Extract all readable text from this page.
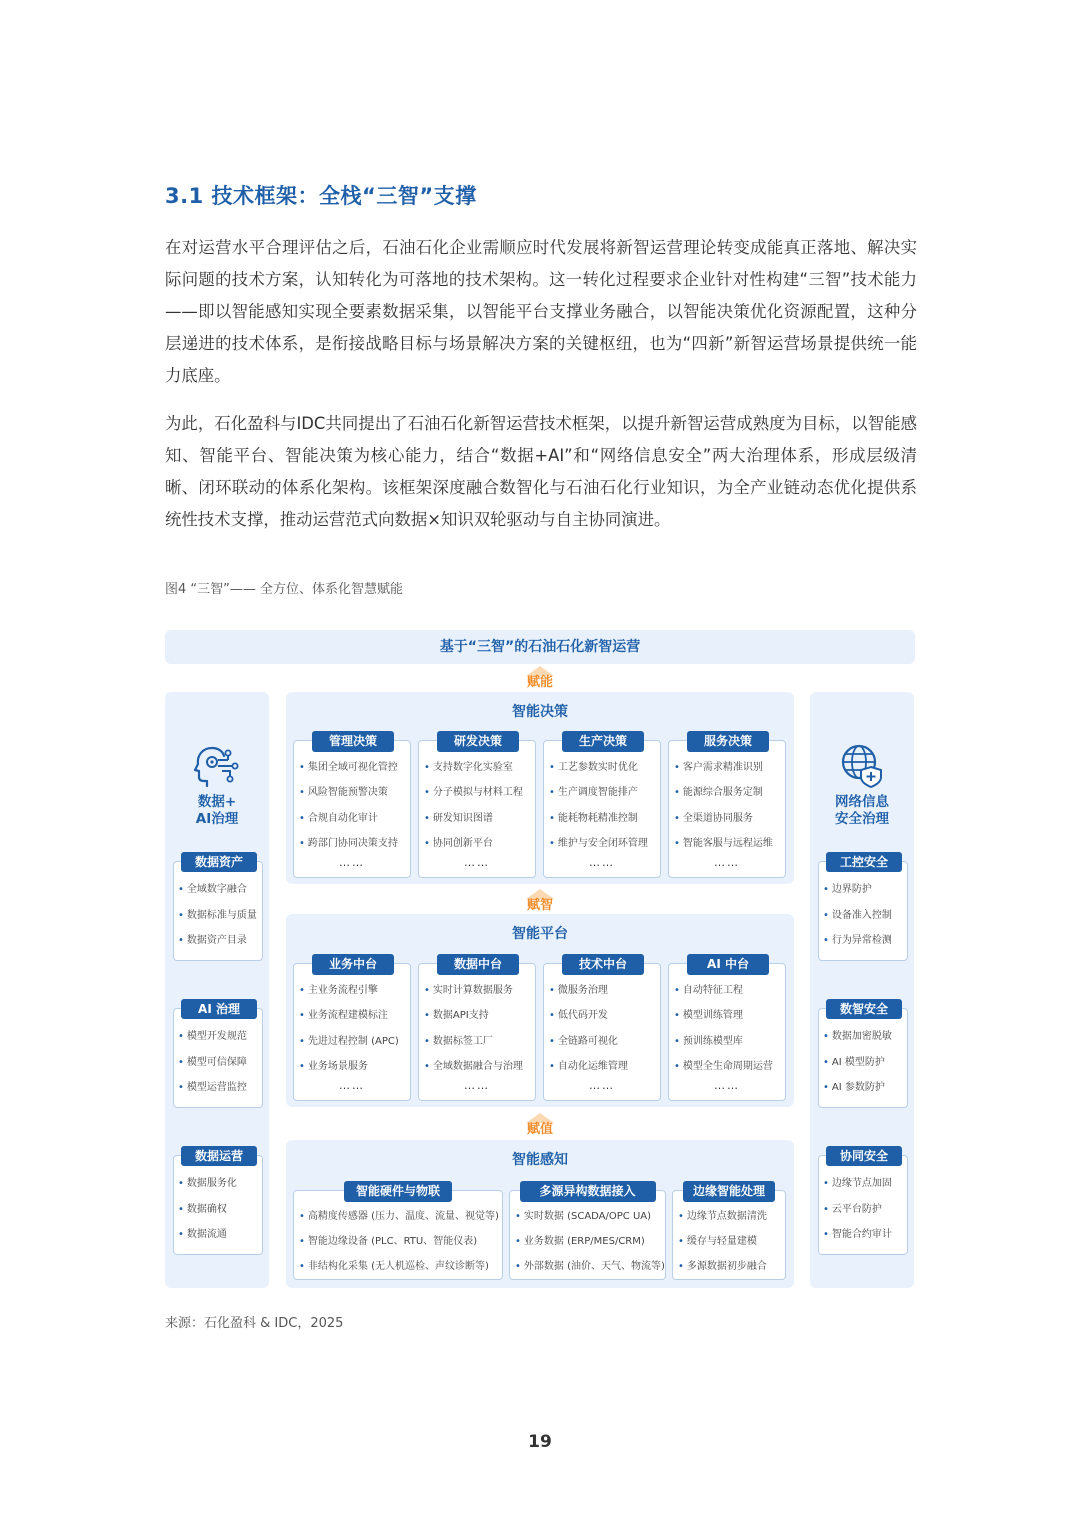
3.1 技术框架：全栈“三智”支撑

在对运营水平合理评估之后，石油石化企业需顺应时代发展将新智运营理论转变成能真正落地、解决实际问题的技术方案，认知转化为可落地的技术架构。这一转化过程要求企业针对性构建“三智”技术能力——即以智能感知实现全要素数据采集，以智能平台支撑业务融合，以智能决策优化资源配置，这种分层递进的技术体系，是衔接战略目标与场景解决方案的关键枢纽，也为“四新”新智运营场景提供统一能力底座。

为此，石化盈科与IDC共同提出了石油石化新智运营技术框架，以提升新智运营成熟度为目标，以智能感知、智能平台、智能决策为核心能力，结合“数据+AI”和“网络信息安全”两大治理体系，形成层级清晰、闭环联动的体系化架构。该框架深度融合数智化与石油石化行业知识，为全产业链动态优化提供系统性技术支撑，推动运营范式向数据×知识双轮驱动与自主协同演进。

图4 “三智”—— 全方位、体系化智慧赋能
基于“三智”的石油石化新智运营
赋能
数据+
AI治理
数据资产
• 全域数字融合
• 数据标准与质量
• 数据资产目录
AI 治理
• 模型开发规范
• 模型可信保障
• 模型运营监控
数据运营
• 数据服务化
• 数据确权
• 数据流通
网络信息
安全治理
工控安全
• 边界防护
• 设备准入控制
• 行为异常检测
数智安全
• 数据加密脱敏
• AI 模型防护
• AI 参数防护
协同安全
• 边缘节点加固
• 云平台防护
• 智能合约审计
智能决策
管理决策
• 集团全域可视化管控
• 风险智能预警决策
• 合规自动化审计
• 跨部门协同决策支持
……
研发决策
• 支持数字化实验室
• 分子模拟与材料工程
• 研发知识图谱
• 协同创新平台
……
生产决策
• 工艺参数实时优化
• 生产调度智能排产
• 能耗物耗精准控制
• 维护与安全闭环管理
……
服务决策
• 客户需求精准识别
• 能源综合服务定制
• 全渠道协同服务
• 智能客服与远程运维
……
赋智
智能平台
业务中台
• 主业务流程引擎
• 业务流程建模标注
• 先进过程控制 (APC)
• 业务场景服务
……
数据中台
• 实时计算数据服务
• 数据API支持
• 数据标签工厂
• 全域数据融合与治理
……
技术中台
• 微服务治理
• 低代码开发
• 全链路可视化
• 自动化运维管理
……
AI 中台
• 自动特征工程
• 模型训练管理
• 预训练模型库
• 模型全生命周期运营
……
赋值
智能感知
智能硬件与物联
• 高精度传感器 (压力、温度、流量、视觉等)
• 智能边缘设备 (PLC、RTU、智能仪表)
• 非结构化采集 (无人机巡检、声纹诊断等)
多源异构数据接入
• 实时数据 (SCADA/OPC UA)
• 业务数据 (ERP/MES/CRM)
• 外部数据 (油价、天气、物流等)
边缘智能处理
• 边缘节点数据清洗
• 缓存与轻量建模
• 多源数据初步融合
来源：石化盈科 & IDC，2025
19
